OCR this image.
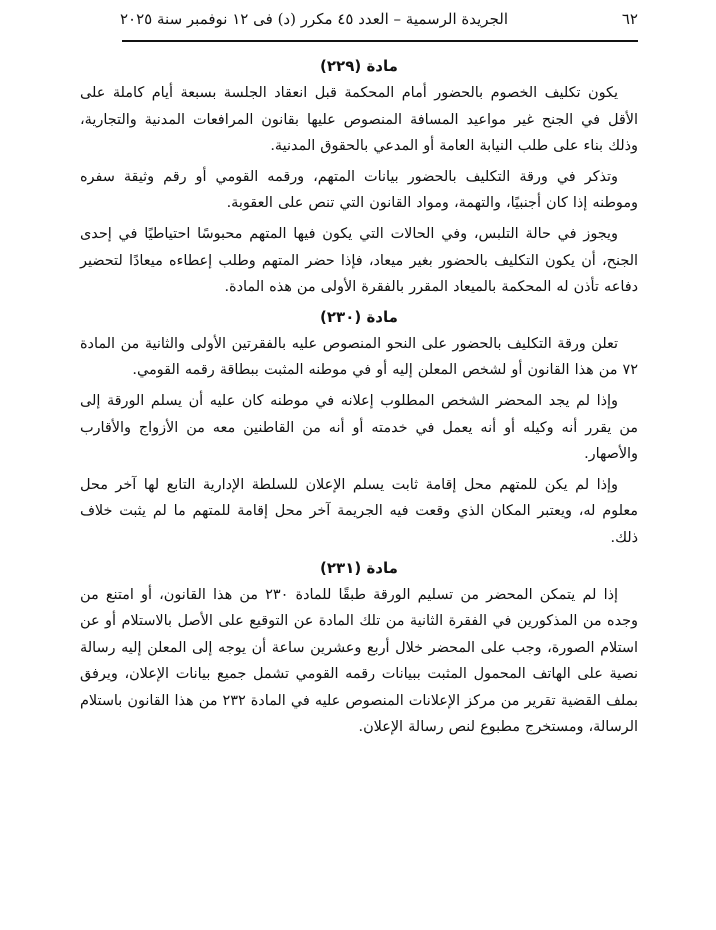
٦٢
الجريدة الرسمية – العدد ٤٥ مكرر (د) فى ١٢ نوفمبر سنة ٢٠٢٥
مادة (٢٢٩)

يكون تكليف الخصوم بالحضور أمام المحكمة قبل انعقاد الجلسة بسبعة أيام كاملة على الأقل في الجنح غير مواعيد المسافة المنصوص عليها بقانون المرافعات المدنية والتجارية، وذلك بناء على طلب النيابة العامة أو المدعي بالحقوق المدنية.

وتذكر في ورقة التكليف بالحضور بيانات المتهم، ورقمه القومي أو رقم وثيقة سفره وموطنه إذا كان أجنبيًا، والتهمة، ومواد القانون التي تنص على العقوبة.

ويجوز في حالة التلبس، وفي الحالات التي يكون فيها المتهم محبوسًا احتياطيًا في إحدى الجنح، أن يكون التكليف بالحضور بغير ميعاد، فإذا حضر المتهم وطلب إعطاءه ميعادًا لتحضير دفاعه تأذن له المحكمة بالميعاد المقرر بالفقرة الأولى من هذه المادة.

مادة (٢٣٠)

تعلن ورقة التكليف بالحضور على النحو المنصوص عليه بالفقرتين الأولى والثانية من المادة ٧٢ من هذا القانون أو لشخص المعلن إليه أو في موطنه المثبت ببطاقة رقمه القومي.

وإذا لم يجد المحضر الشخص المطلوب إعلانه في موطنه كان عليه أن يسلم الورقة إلى من يقرر أنه وكيله أو أنه يعمل في خدمته أو أنه من القاطنين معه من الأزواج والأقارب والأصهار.

وإذا لم يكن للمتهم محل إقامة ثابت يسلم الإعلان للسلطة الإدارية التابع لها آخر محل معلوم له، ويعتبر المكان الذي وقعت فيه الجريمة آخر محل إقامة للمتهم ما لم يثبت خلاف ذلك.

مادة (٢٣١)

إذا لم يتمكن المحضر من تسليم الورقة طبقًا للمادة ٢٣٠ من هذا القانون، أو امتنع من وجده من المذكورين في الفقرة الثانية من تلك المادة عن التوقيع على الأصل بالاستلام أو عن استلام الصورة، وجب على المحضر خلال أربع وعشرين ساعة أن يوجه إلى المعلن إليه رسالة نصية على الهاتف المحمول المثبت ببيانات رقمه القومي تشمل جميع بيانات الإعلان، ويرفق بملف القضية تقرير من مركز الإعلانات المنصوص عليه في المادة ٢٣٢ من هذا القانون باستلام الرسالة، ومستخرج مطبوع لنص رسالة الإعلان.
